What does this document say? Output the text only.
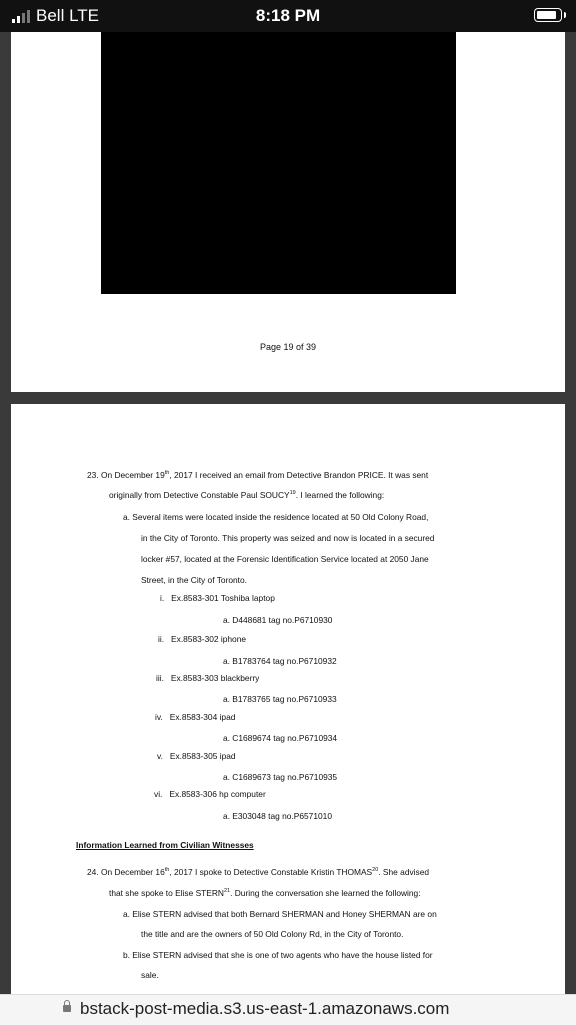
Bell LTE	8:18 PM
Page 19 of 39

23. On December 19th, 2017 I received an email from Detective Brandon PRICE. It was sent

originally from Detective Constable Paul SOUCY$^{19}$. I learned the following:

a. Several items were located inside the residence located at 50 Old Colony Road,

in the City of Toronto. This property was seized and now is located in a secured

locker #57, located at the Forensic Identification Service located at 2050 Jane

Street, in the City of Toronto.

i. Ex.8583-301 Toshiba laptop

a. D448681 tag no.P6710930

ii. Ex.8583-302 iphone

a. B1783764 tag no.P6710932

iii. Ex.8583-303 blackberry

a. B1783765 tag no.P6710933

iv. Ex.8583-304 ipad

a. C1689674 tag no.P6710934

v. Ex.8583-305 ipad

a. C1689673 tag no.P6710935

vi. Ex.8583-306 hp computer

a. E303048 tag no.P6571010

Information Learned from Civilian Witnesses

24. On December 16th, 2017 I spoke to Detective Constable Kristin THOMAS$^{20}$. She advised

that she spoke to Elise STERN$^{21}$. During the conversation she learned the following:

a. Elise STERN advised that both Bernard SHERMAN and Honey SHERMAN are on

the title and are the owners of 50 Old Colony Rd, in the City of Toronto.

b. Elise STERN advised that she is one of two agents who have the house listed for

sale.

bstack-post-media.s3.us-east-1.amazonaws.com
